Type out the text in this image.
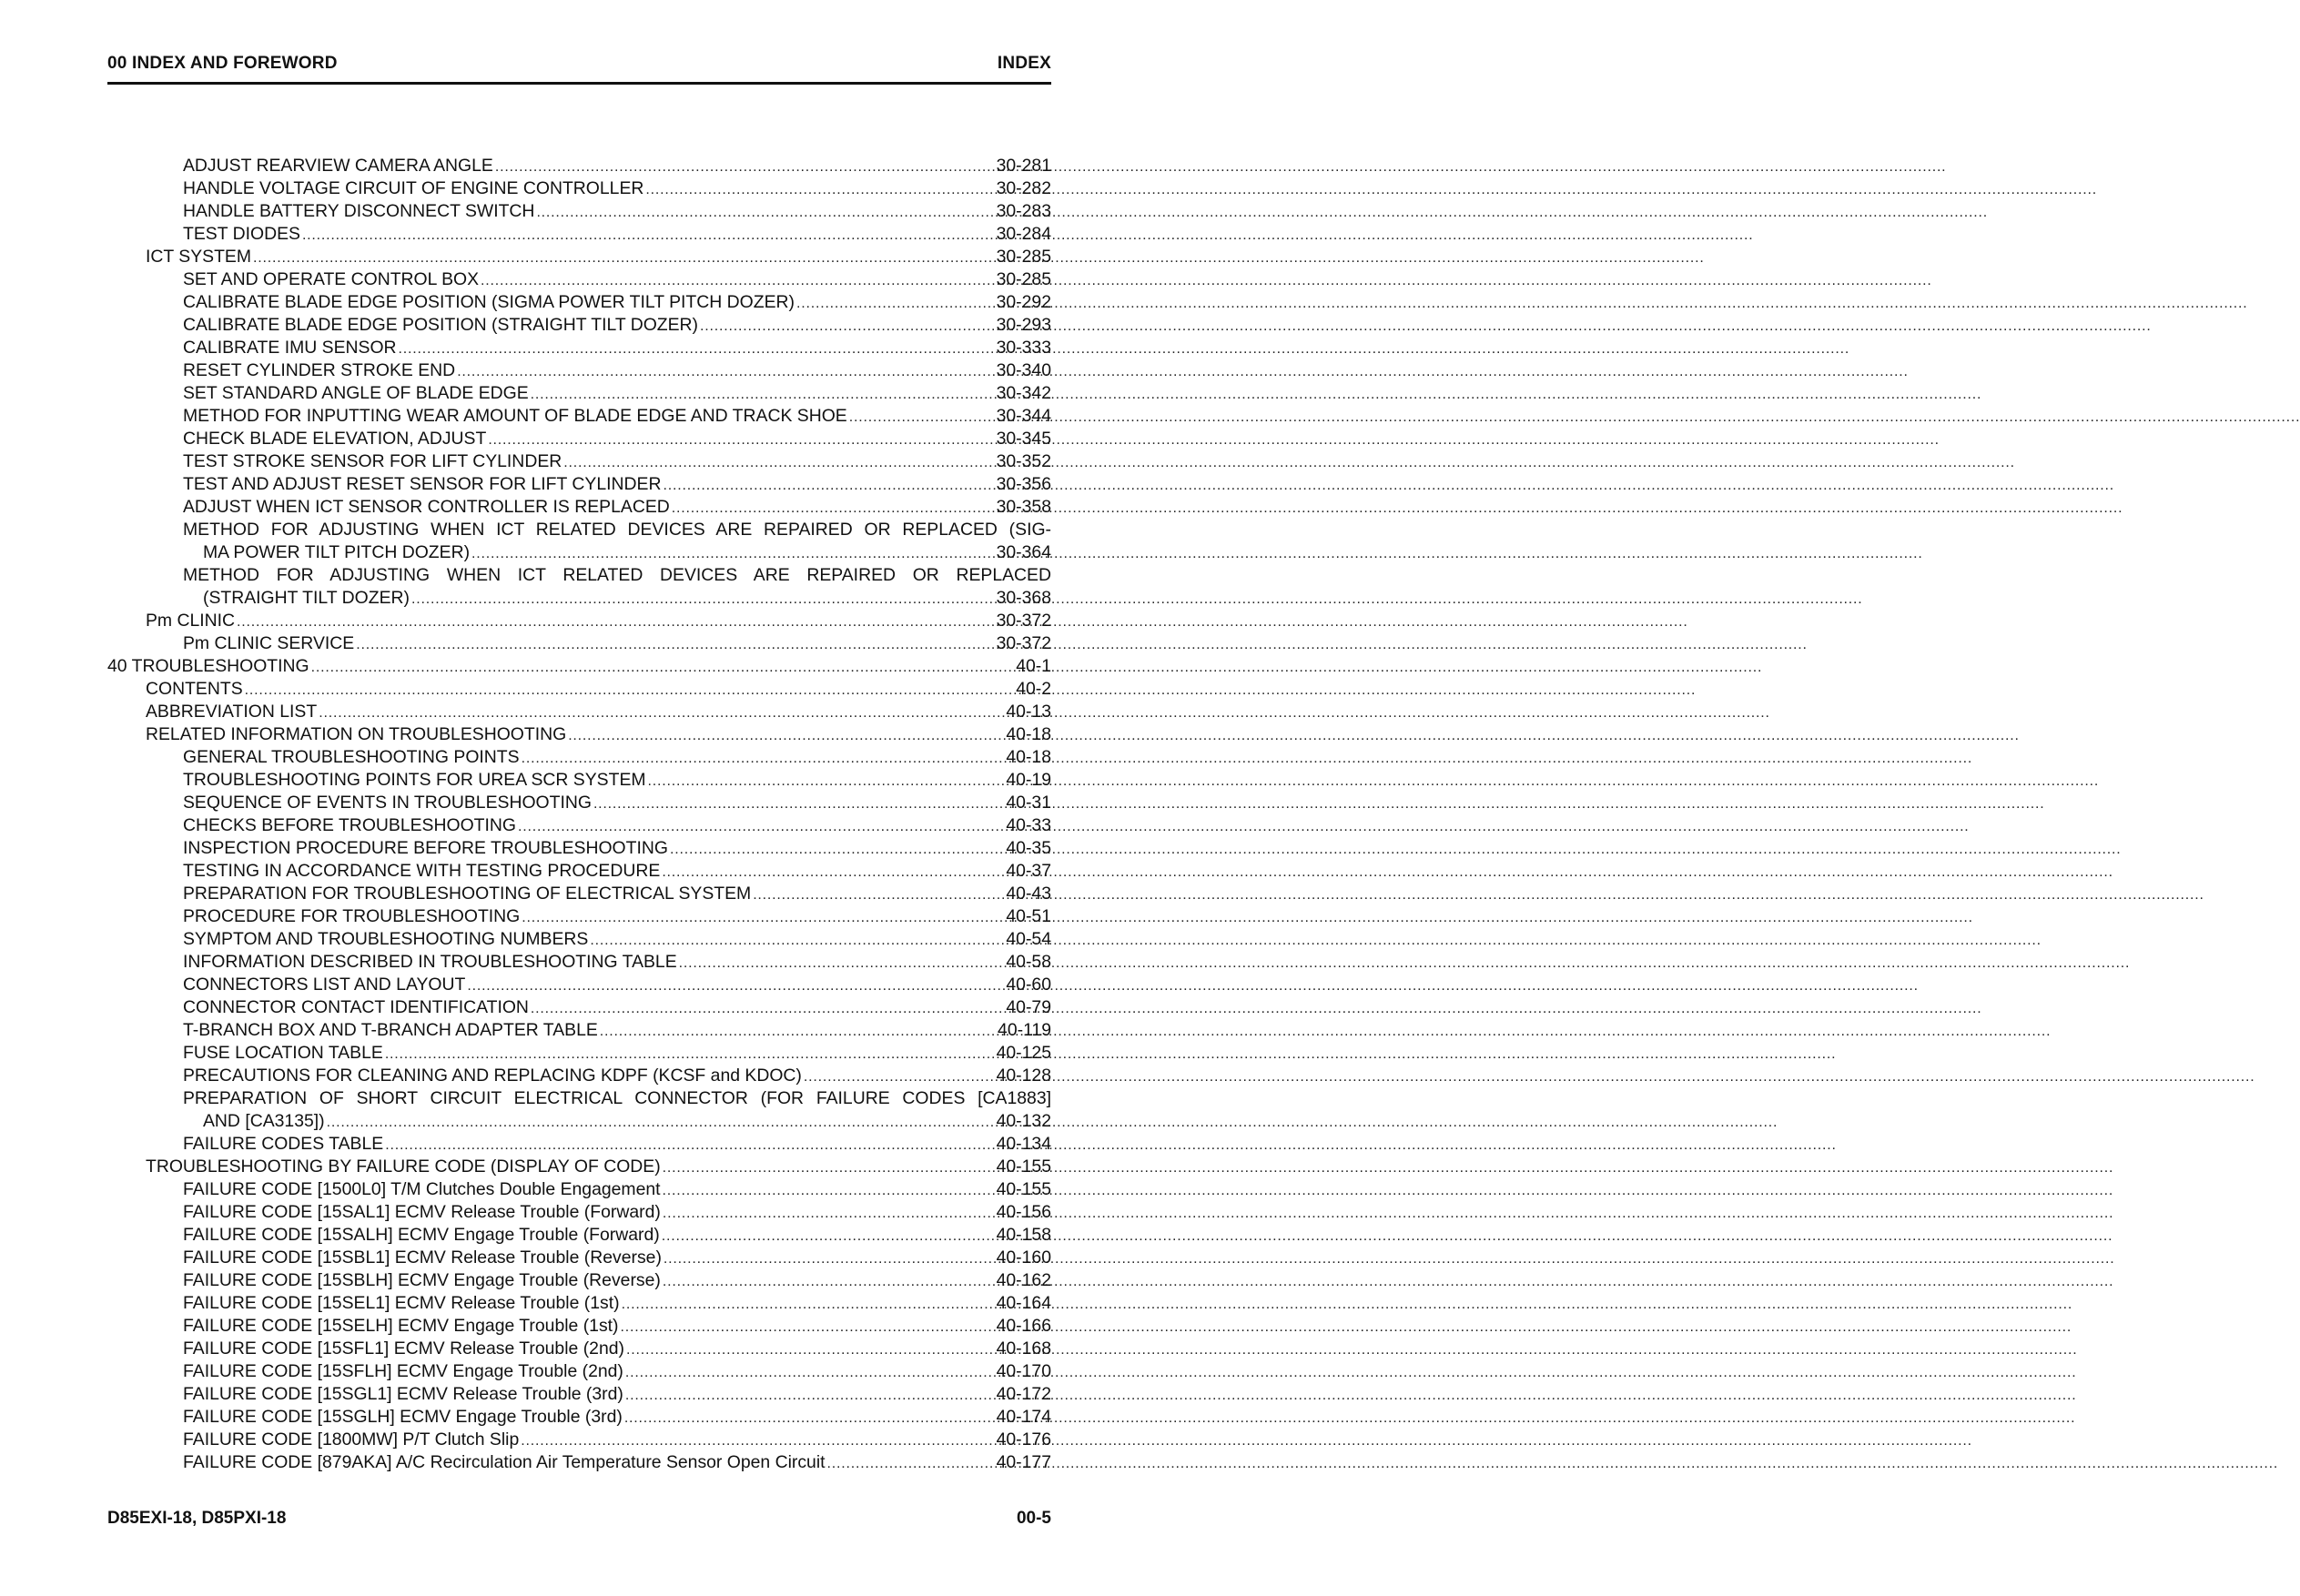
00 INDEX AND FOREWORD	INDEX
ADJUST REARVIEW CAMERA ANGLE .....	30-281
HANDLE VOLTAGE CIRCUIT OF ENGINE CONTROLLER .....	30-282
HANDLE BATTERY DISCONNECT SWITCH .....	30-283
TEST DIODES .....	30-284
ICT SYSTEM .....	30-285
SET AND OPERATE CONTROL BOX .....	30-285
CALIBRATE BLADE EDGE POSITION (SIGMA POWER TILT PITCH DOZER) .....	30-292
CALIBRATE BLADE EDGE POSITION (STRAIGHT TILT DOZER) .....	30-293
CALIBRATE IMU SENSOR .....	30-333
RESET CYLINDER STROKE END .....	30-340
SET STANDARD ANGLE OF BLADE EDGE .....	30-342
METHOD FOR INPUTTING WEAR AMOUNT OF BLADE EDGE AND TRACK SHOE .....	30-344
CHECK BLADE ELEVATION, ADJUST .....	30-345
TEST STROKE SENSOR FOR LIFT CYLINDER .....	30-352
TEST AND ADJUST RESET SENSOR FOR LIFT CYLINDER .....	30-356
ADJUST WHEN ICT SENSOR CONTROLLER IS REPLACED .....	30-358
METHOD FOR ADJUSTING WHEN ICT RELATED DEVICES ARE REPAIRED OR REPLACED (SIG-
MA POWER TILT PITCH DOZER) .....	30-364
METHOD FOR ADJUSTING WHEN ICT RELATED DEVICES ARE REPAIRED OR REPLACED
(STRAIGHT TILT DOZER) .....	30-368
Pm CLINIC .....	30-372
Pm CLINIC SERVICE .....	30-372
40 TROUBLESHOOTING .....	40-1
CONTENTS .....	40-2
ABBREVIATION LIST .....	40-13
RELATED INFORMATION ON TROUBLESHOOTING .....	40-18
GENERAL TROUBLESHOOTING POINTS .....	40-18
TROUBLESHOOTING POINTS FOR UREA SCR SYSTEM .....	40-19
SEQUENCE OF EVENTS IN TROUBLESHOOTING .....	40-31
CHECKS BEFORE TROUBLESHOOTING .....	40-33
INSPECTION PROCEDURE BEFORE TROUBLESHOOTING .....	40-35
TESTING IN ACCORDANCE WITH TESTING PROCEDURE .....	40-37
PREPARATION FOR TROUBLESHOOTING OF ELECTRICAL SYSTEM .....	40-43
PROCEDURE FOR TROUBLESHOOTING .....	40-51
SYMPTOM AND TROUBLESHOOTING NUMBERS .....	40-54
INFORMATION DESCRIBED IN TROUBLESHOOTING TABLE .....	40-58
CONNECTORS LIST AND LAYOUT .....	40-60
CONNECTOR CONTACT IDENTIFICATION .....	40-79
T-BRANCH BOX AND T-BRANCH ADAPTER TABLE .....	40-119
FUSE LOCATION TABLE .....	40-125
PRECAUTIONS FOR CLEANING AND REPLACING KDPF (KCSF and KDOC) .....	40-128
PREPARATION OF SHORT CIRCUIT ELECTRICAL CONNECTOR (FOR FAILURE CODES [CA1883]
AND [CA3135]) .....	40-132
FAILURE CODES TABLE .....	40-134
TROUBLESHOOTING BY FAILURE CODE (DISPLAY OF CODE) .....	40-155
FAILURE CODE [1500L0] T/M Clutches Double Engagement .....	40-155
FAILURE CODE [15SAL1] ECMV Release Trouble (Forward) .....	40-156
FAILURE CODE [15SALH] ECMV Engage Trouble (Forward) .....	40-158
FAILURE CODE [15SBL1] ECMV Release Trouble (Reverse) .....	40-160
FAILURE CODE [15SBLH] ECMV Engage Trouble (Reverse) .....	40-162
FAILURE CODE [15SEL1] ECMV Release Trouble (1st) .....	40-164
FAILURE CODE [15SELH] ECMV Engage Trouble (1st) .....	40-166
FAILURE CODE [15SFL1] ECMV Release Trouble (2nd) .....	40-168
FAILURE CODE [15SFLH] ECMV Engage Trouble (2nd) .....	40-170
FAILURE CODE [15SGL1] ECMV Release Trouble (3rd) .....	40-172
FAILURE CODE [15SGLH] ECMV Engage Trouble (3rd) .....	40-174
FAILURE CODE [1800MW] P/T Clutch Slip .....	40-176
FAILURE CODE [879AKA] A/C Recirculation Air Temperature Sensor Open Circuit .....	40-177
D85EXI-18, D85PXI-18	00-5
